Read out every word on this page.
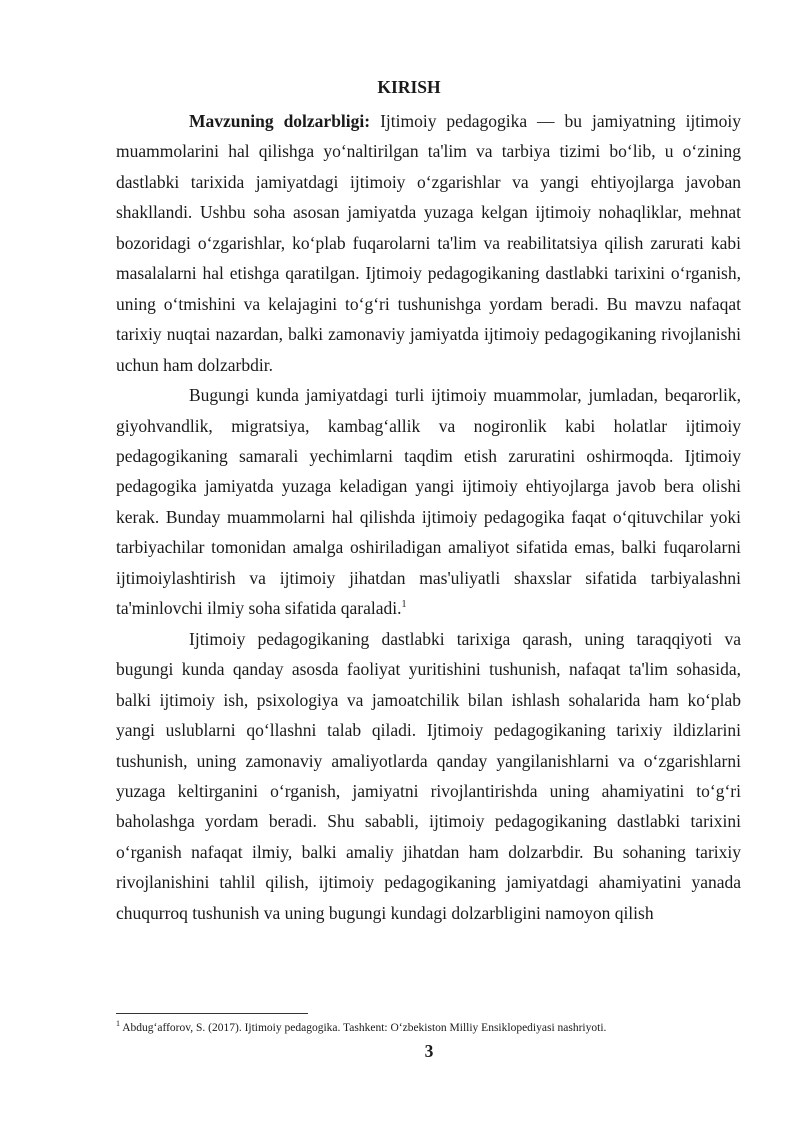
KIRISH

Mavzuning dolzarbligi: Ijtimoiy pedagogika — bu jamiyatning ijtimoiy muammolarini hal qilishga yo‘naltirilgan ta'lim va tarbiya tizimi bo‘lib, u o‘zining dastlabki tarixida jamiyatdagi ijtimoiy o‘zgarishlar va yangi ehtiyojlarga javoban shakllandi. Ushbu soha asosan jamiyatda yuzaga kelgan ijtimoiy nohaqliklar, mehnat bozoridagi o‘zgarishlar, ko‘plab fuqarolarni ta'lim va reabilitatsiya qilish zarurati kabi masalalarni hal etishga qaratilgan. Ijtimoiy pedagogikaning dastlabki tarixini o‘rganish, uning o‘tmishini va kelajagini to‘g‘ri tushunishga yordam beradi. Bu mavzu nafaqat tarixiy nuqtai nazardan, balki zamonaviy jamiyatda ijtimoiy pedagogikaning rivojlanishi uchun ham dolzarbdir.

Bugungi kunda jamiyatdagi turli ijtimoiy muammolar, jumladan, beqarorlik, giyohvandlik, migratsiya, kambag‘allik va nogironlik kabi holatlar ijtimoiy pedagogikaning samarali yechimlarni taqdim etish zaruratini oshirmoqda. Ijtimoiy pedagogika jamiyatda yuzaga keladigan yangi ijtimoiy ehtiyojlarga javob bera olishi kerak. Bunday muammolarni hal qilishda ijtimoiy pedagogika faqat o‘qituvchilar yoki tarbiyachilar tomonidan amalga oshiriladigan amaliyot sifatida emas, balki fuqarolarni ijtimoiylashtirish va ijtimoiy jihatdan mas'uliyatli shaxslar sifatida tarbiyalashni ta'minlovchi ilmiy soha sifatida qaraladi.$^1$

Ijtimoiy pedagogikaning dastlabki tarixiga qarash, uning taraqqiyoti va bugungi kunda qanday asosda faoliyat yuritishini tushunish, nafaqat ta'lim sohasida, balki ijtimoiy ish, psixologiya va jamoatchilik bilan ishlash sohalarida ham ko‘plab yangi uslublarni qo‘llashni talab qiladi. Ijtimoiy pedagogikaning tarixiy ildizlarini tushunish, uning zamonaviy amaliyotlarda qanday yangilanishlarni va o‘zgarishlarni yuzaga keltirganini o‘rganish, jamiyatni rivojlantirishda uning ahamiyatini to‘g‘ri baholashga yordam beradi. Shu sababli, ijtimoiy pedagogikaning dastlabki tarixini o‘rganish nafaqat ilmiy, balki amaliy jihatdan ham dolzarbdir. Bu sohaning tarixiy rivojlanishini tahlil qilish, ijtimoiy pedagogikaning jamiyatdagi ahamiyatini yanada chuqurroq tushunish va uning bugungi kundagi dolzarbligini namoyon qilish

$^1$ Abdug‘afforov, S. (2017). Ijtimoiy pedagogika. Tashkent: O‘zbekiston Milliy Ensiklopediyasi nashriyoti.
3
